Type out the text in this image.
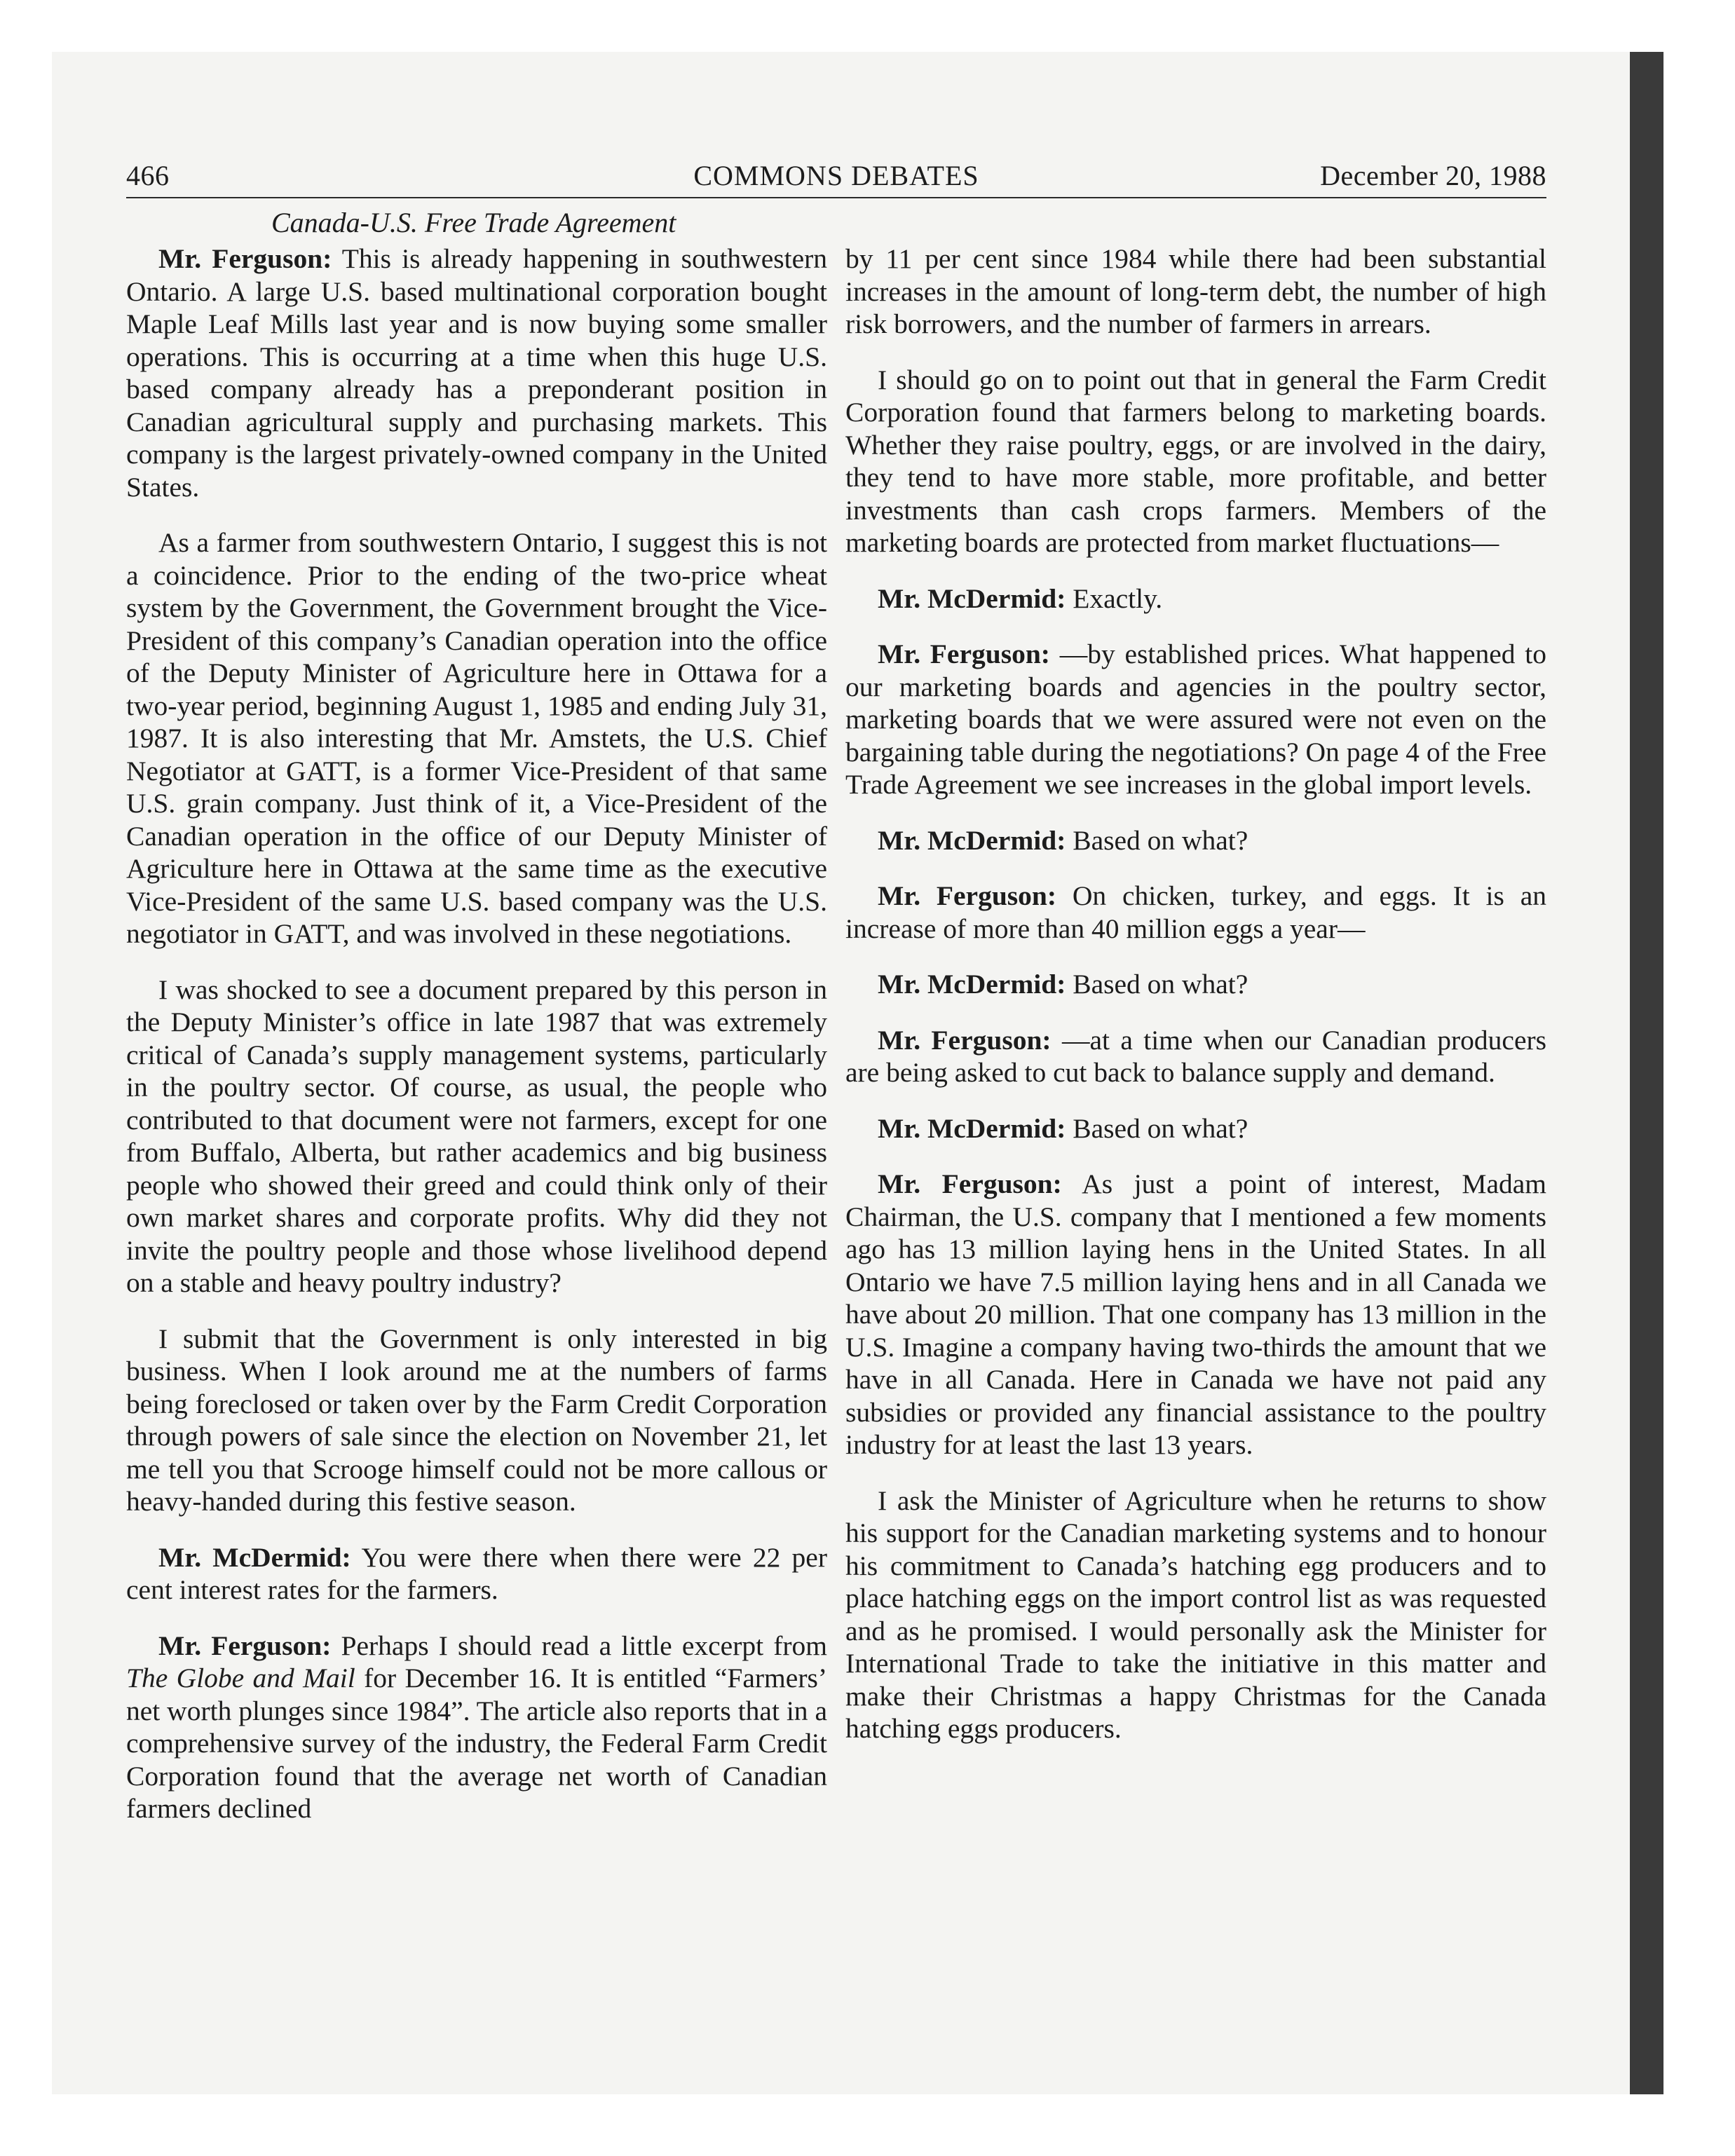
466	COMMONS DEBATES	December 20, 1988
Canada-U.S. Free Trade Agreement

Mr. Ferguson: This is already happening in southwestern Ontario. A large U.S. based multinational corporation bought Maple Leaf Mills last year and is now buying some smaller operations. This is occurring at a time when this huge U.S. based company already has a preponderant position in Canadian agricultural supply and purchasing markets. This company is the largest privately-owned company in the United States.

As a farmer from southwestern Ontario, I suggest this is not a coincidence. Prior to the ending of the two-price wheat system by the Government, the Government brought the Vice-President of this company’s Canadian operation into the office of the Deputy Minister of Agriculture here in Ottawa for a two-year period, beginning August 1, 1985 and ending July 31, 1987. It is also interesting that Mr. Amstets, the U.S. Chief Negotiator at GATT, is a former Vice-President of that same U.S. grain company. Just think of it, a Vice-President of the Canadian operation in the office of our Deputy Minister of Agriculture here in Ottawa at the same time as the executive Vice-President of the same U.S. based company was the U.S. negotiator in GATT, and was involved in these negotiations.

I was shocked to see a document prepared by this person in the Deputy Minister’s office in late 1987 that was extremely critical of Canada’s supply management systems, particularly in the poultry sector. Of course, as usual, the people who contributed to that document were not farmers, except for one from Buffalo, Alberta, but rather academics and big business people who showed their greed and could think only of their own market shares and corporate profits. Why did they not invite the poultry people and those whose livelihood depend on a stable and heavy poultry industry?

I submit that the Government is only interested in big business. When I look around me at the numbers of farms being foreclosed or taken over by the Farm Credit Corporation through powers of sale since the election on November 21, let me tell you that Scrooge himself could not be more callous or heavy-handed during this festive season.

Mr. McDermid: You were there when there were 22 per cent interest rates for the farmers.

Mr. Ferguson: Perhaps I should read a little excerpt from The Globe and Mail for December 16. It is entitled “Farmers’ net worth plunges since 1984”. The article also reports that in a comprehensive survey of the industry, the Federal Farm Credit Corporation found that the average net worth of Canadian farmers declined

by 11 per cent since 1984 while there had been substantial increases in the amount of long-term debt, the number of high risk borrowers, and the number of farmers in arrears.

I should go on to point out that in general the Farm Credit Corporation found that farmers belong to marketing boards. Whether they raise poultry, eggs, or are involved in the dairy, they tend to have more stable, more profitable, and better investments than cash crops farmers. Members of the marketing boards are protected from market fluctuations—

Mr. McDermid: Exactly.

Mr. Ferguson: —by established prices. What happened to our marketing boards and agencies in the poultry sector, marketing boards that we were assured were not even on the bargaining table during the negotiations? On page 4 of the Free Trade Agreement we see increases in the global import levels.

Mr. McDermid: Based on what?

Mr. Ferguson: On chicken, turkey, and eggs. It is an increase of more than 40 million eggs a year—

Mr. McDermid: Based on what?

Mr. Ferguson: —at a time when our Canadian producers are being asked to cut back to balance supply and demand.

Mr. McDermid: Based on what?

Mr. Ferguson: As just a point of interest, Madam Chairman, the U.S. company that I mentioned a few moments ago has 13 million laying hens in the United States. In all Ontario we have 7.5 million laying hens and in all Canada we have about 20 million. That one company has 13 million in the U.S. Imagine a company having two-thirds the amount that we have in all Canada. Here in Canada we have not paid any subsidies or provided any financial assistance to the poultry industry for at least the last 13 years.

I ask the Minister of Agriculture when he returns to show his support for the Canadian marketing systems and to honour his commitment to Canada’s hatching egg producers and to place hatching eggs on the import control list as was requested and as he promised. I would personally ask the Minister for International Trade to take the initiative in this matter and make their Christmas a happy Christmas for the Canada hatching eggs producers.
